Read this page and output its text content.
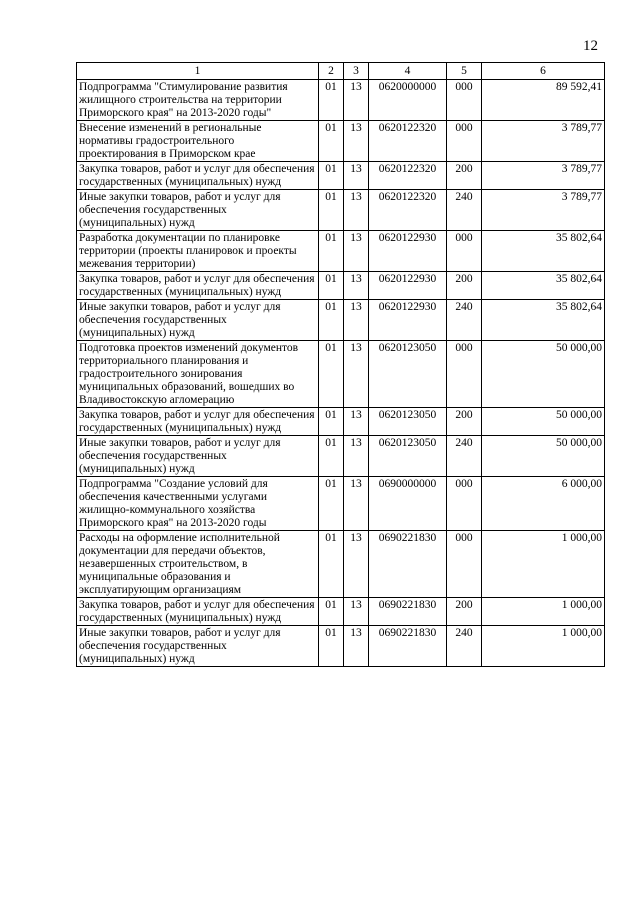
12
1	2	3	4	5	6
Подпрограмма "Стимулирование развития жилищного строительства на территории Приморского края" на 2013-2020 годы"	01	13	0620000000	000	89 592,41
Внесение изменений в региональные нормативы градостроительного проектирования в Приморском крае	01	13	0620122320	000	3 789,77
Закупка товаров, работ и услуг для обеспечения государственных (муниципальных) нужд	01	13	0620122320	200	3 789,77
Иные закупки товаров, работ и услуг для обеспечения государственных (муниципальных) нужд	01	13	0620122320	240	3 789,77
Разработка документации по планировке территории (проекты планировок и проекты межевания территории)	01	13	0620122930	000	35 802,64
Закупка товаров, работ и услуг для обеспечения государственных (муниципальных) нужд	01	13	0620122930	200	35 802,64
Иные закупки товаров, работ и услуг для обеспечения государственных (муниципальных) нужд	01	13	0620122930	240	35 802,64
Подготовка проектов изменений документов территориального планирования и градостроительного зонирования муниципальных образований, вошедших во Владивостокскую агломерацию	01	13	0620123050	000	50 000,00
Закупка товаров, работ и услуг для обеспечения государственных (муниципальных) нужд	01	13	0620123050	200	50 000,00
Иные закупки товаров, работ и услуг для обеспечения государственных (муниципальных) нужд	01	13	0620123050	240	50 000,00
Подпрограмма "Создание условий для обеспечения качественными услугами жилищно-коммунального хозяйства Приморского края" на 2013-2020 годы	01	13	0690000000	000	6 000,00
Расходы на оформление исполнительной документации для передачи объектов, незавершенных строительством, в муниципальные образования и эксплуатирующим организациям	01	13	0690221830	000	1 000,00
Закупка товаров, работ и услуг для обеспечения государственных (муниципальных) нужд	01	13	0690221830	200	1 000,00
Иные закупки товаров, работ и услуг для обеспечения государственных (муниципальных) нужд	01	13	0690221830	240	1 000,00
